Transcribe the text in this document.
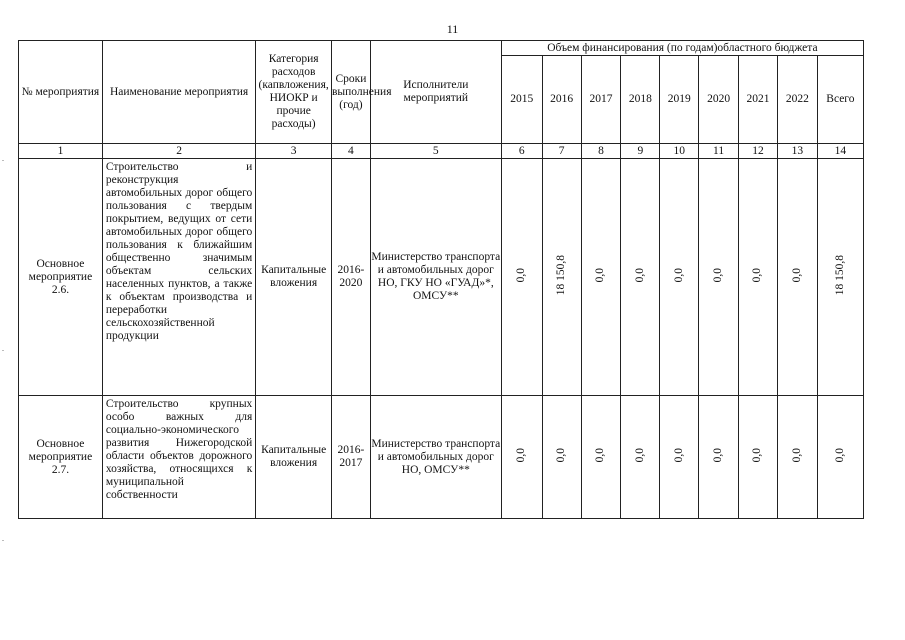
11
№ мероприятия	Наименование мероприятия	Категория расходов (капвложения, НИОКР и прочие расходы)	Сроки выполнения (год)	Исполнители мероприятий	Объем финансирования (по годам)областного бюджета								
					2015	2016	2017	2018	2019	2020	2021	2022	Всего
1	2	3	4	5	6	7	8	9	10	11	12	13	14
Основное мероприятие 2.6.	Строительство и реконструкция автомобильных дорог общего пользования с твердым покрытием, ведущих от сети автомобильных дорог общего пользования к ближайшим общественно значимым объектам сельских населенных пунктов, а также к объектам производства и переработки сельскохозяйственной продукции	Капитальные вложения	2016-2020	Министерство транспорта и автомобильных дорог НО, ГКУ НО «ГУАД»*, ОМСУ**	0,0	18 150,8	0,0	0,0	0,0	0,0	0,0	0,0	18 150,8
Основное мероприятие 2.7.	Строительство крупных особо важных для социально-экономического развития Нижегородской области объектов дорожного хозяйства, относящихся к муниципальной собственности	Капитальные вложения	2016-2017	Министерство транспорта и автомобильных дорог НО, ОМСУ**	0,0	0,0	0,0	0,0	0,0	0,0	0,0	0,0	0,0
